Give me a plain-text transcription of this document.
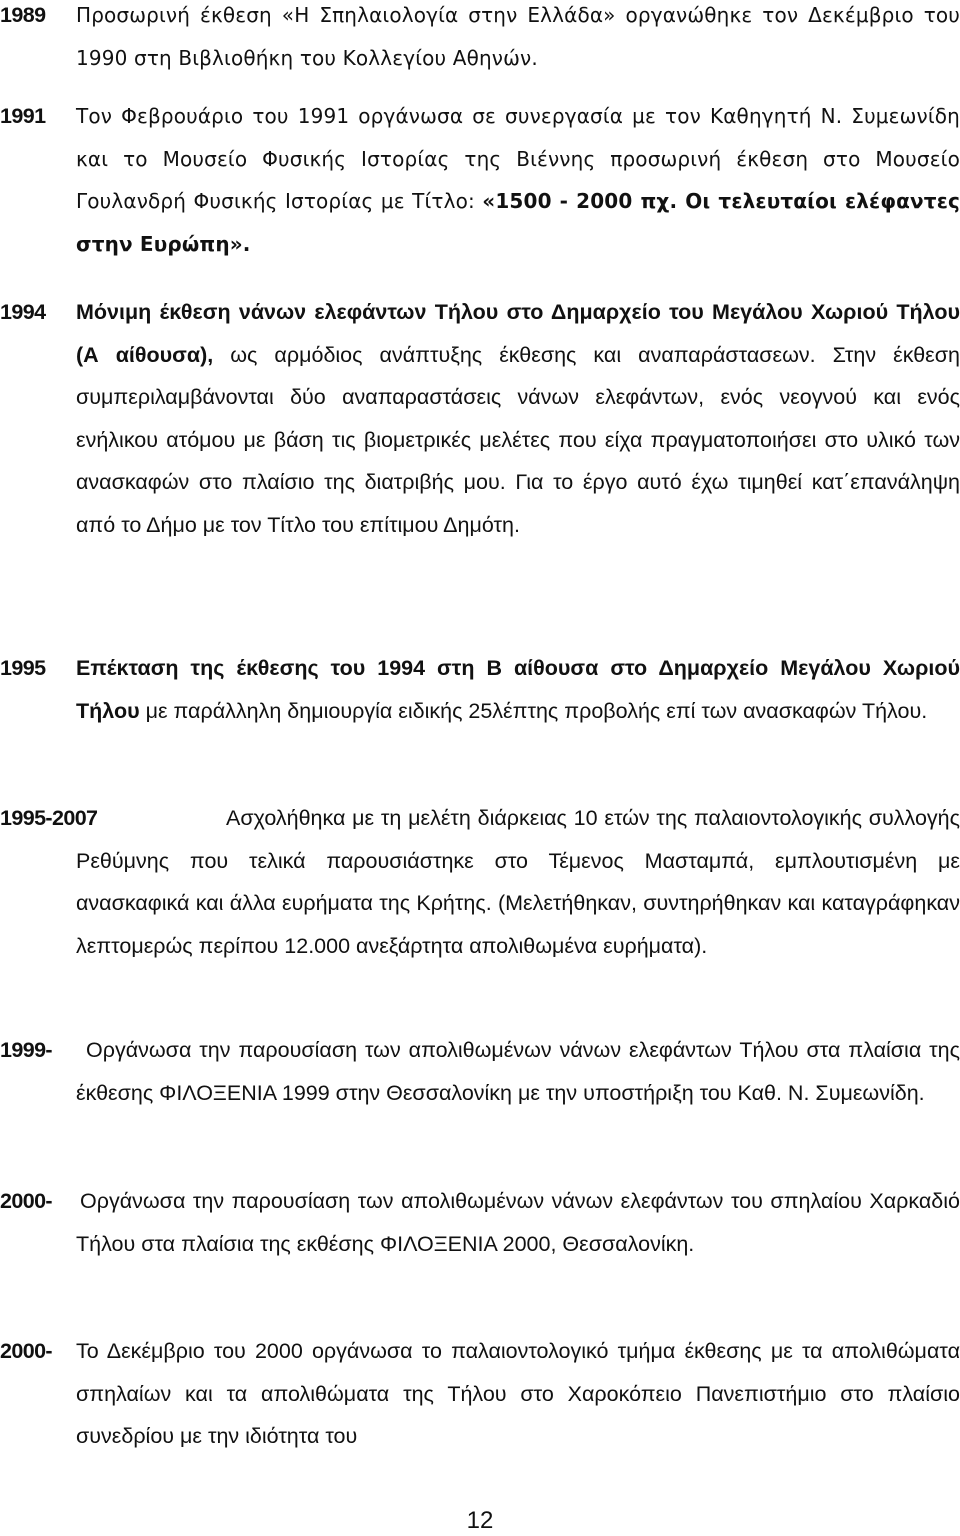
1989 Προσωρινή έκθεση «Η Σπηλαιολογία στην Ελλάδα» οργανώθηκε τον Δεκέμβριο του 1990 στη Βιβλιοθήκη του Κολλεγίου Αθηνών.
1991 Τον Φεβρουάριο του 1991 οργάνωσα σε συνεργασία με τον Καθηγητή Ν. Συμεωνίδη και το Μουσείο Φυσικής Ιστορίας της Βιέννης προσωρινή έκθεση στο Μουσείο Γουλανδρή Φυσικής Ιστορίας με Τίτλο: «1500 - 2000 πχ. Οι τελευταίοι ελέφαντες στην Ευρώπη».
1994 Μόνιμη έκθεση νάνων ελεφάντων Τήλου στο Δημαρχείο του Μεγάλου Χωριού Τήλου (Α αίθουσα), ως αρμόδιος ανάπτυξης έκθεσης και αναπαράστασεων. Στην έκθεση συμπεριλαμβάνονται δύο αναπαραστάσεις νάνων ελεφάντων, ενός νεογνού και ενός ενήλικου ατόμου με βάση τις βιομετρικές μελέτες που είχα πραγματοποιήσει στο υλικό των ανασκαφών στο πλαίσιο της διατριβής μου. Για το έργο αυτό έχω τιμηθεί κατ΄επανάληψη από το Δήμο με τον Τίτλο του επίτιμου Δημότη.
1995 Επέκταση της έκθεσης του 1994 στη Β αίθουσα στο Δημαρχείο Μεγάλου Χωριού Τήλου με παράλληλη δημιουργία ειδικής 25λέπτης προβολής επί των ανασκαφών Τήλου.
1995-2007	Ασχολήθηκα με τη μελέτη διάρκειας 10 ετών της παλαιοντολογικής συλλογής Ρεθύμνης που τελικά παρουσιάστηκε στο Τέμενος Μασταμπά, εμπλουτισμένη με ανασκαφικά και άλλα ευρήματα της Κρήτης. (Μελετήθηκαν, συντηρήθηκαν και καταγράφηκαν λεπτομερώς περίπου 12.000 ανεξάρτητα απολιθωμένα ευρήματα).
1999-	Οργάνωσα την παρουσίαση των απολιθωμένων νάνων ελεφάντων Τήλου στα πλαίσια της έκθεσης ΦΙΛΟΞΕΝΙΑ 1999 στην Θεσσαλονίκη με την υποστήριξη του Καθ. Ν. Συμεωνίδη.
2000- Οργάνωσα την παρουσίαση των απολιθωμένων νάνων ελεφάντων του σπηλαίου Χαρκαδιό Τήλου στα πλαίσια της εκθέσης ΦΙΛΟΞΕΝΙΑ 2000, Θεσσαλονίκη.
2000- Το Δεκέμβριο του 2000 οργάνωσα το παλαιοντολογικό τμήμα έκθεσης με τα απολιθώματα σπηλαίων και τα απολιθώματα της Τήλου στο Χαροκόπειο Πανεπιστήμιο στο πλαίσιο συνεδρίου με την ιδιότητα του
12
